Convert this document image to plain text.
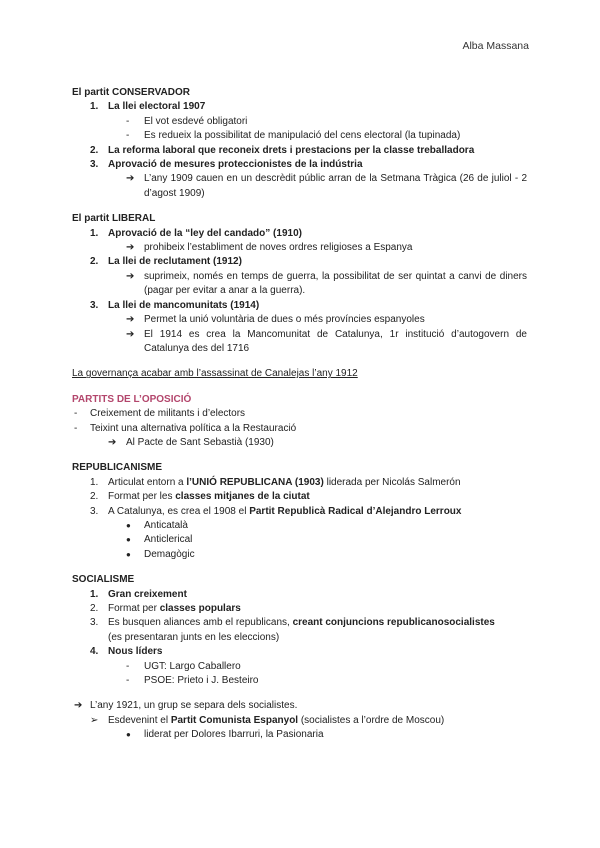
Alba Massana
El partit CONSERVADOR
1. La llei electoral 1907
- El vot esdevé obligatori
- Es redueix la possibilitat de manipulació del cens electoral (la tupinada)
2. La reforma laboral que reconeix drets i prestacions per la classe treballadora
3. Aprovació de mesures proteccionistes de la indústria
➔ L’any 1909 cauen en un descrèdit públic arran de la Setmana Tràgica (26 de juliol - 2 d’agost 1909)
El partit LIBERAL
1. Aprovació de la “ley del candado” (1910)
➔ prohibeix l’establiment de noves ordres religioses a Espanya
2. La llei de reclutament (1912)
➔ suprimeix, només en temps de guerra, la possibilitat de ser quintat a canvi de diners (pagar per evitar a anar a la guerra).
3. La llei de mancomunitats (1914)
➔ Permet la unió voluntària de dues o més províncies espanyoles
➔ El 1914 es crea la Mancomunitat de Catalunya, 1r institució d’autogovern de Catalunya des del 1716
La governança acabar amb l’assassinat de Canalejas l’any 1912
PARTITS DE L’OPOSICIÓ
- Creixement de militants i d’electors
- Teixint una alternativa política a la Restauració
➔ Al Pacte de Sant Sebastià (1930)
REPUBLICANISME
1. Articulat entorn a l’UNIÓ REPUBLICANA (1903) liderada per Nicolás Salmerón
2. Format per les classes mitjanes de la ciutat
3. A Catalunya, es crea el 1908 el Partit Republicà Radical d’Alejandro Lerroux
● Anticatalà
● Anticlerical
● Demagògic
SOCIALISME
1. Gran creixement
2. Format per classes populars
3. Es busquen aliances amb el republicans, creant conjuncions republicanosocialistes
(es presentaran junts en les eleccions)
4. Nous líders
- UGT: Largo Caballero
- PSOE: Prieto i J. Besteiro
➔ L’any 1921, un grup se separa dels socialistes.
➢ Esdevenint el Partit Comunista Espanyol (socialistes a l’ordre de Moscou)
● liderat per Dolores Ibarruri, la Pasionaria
